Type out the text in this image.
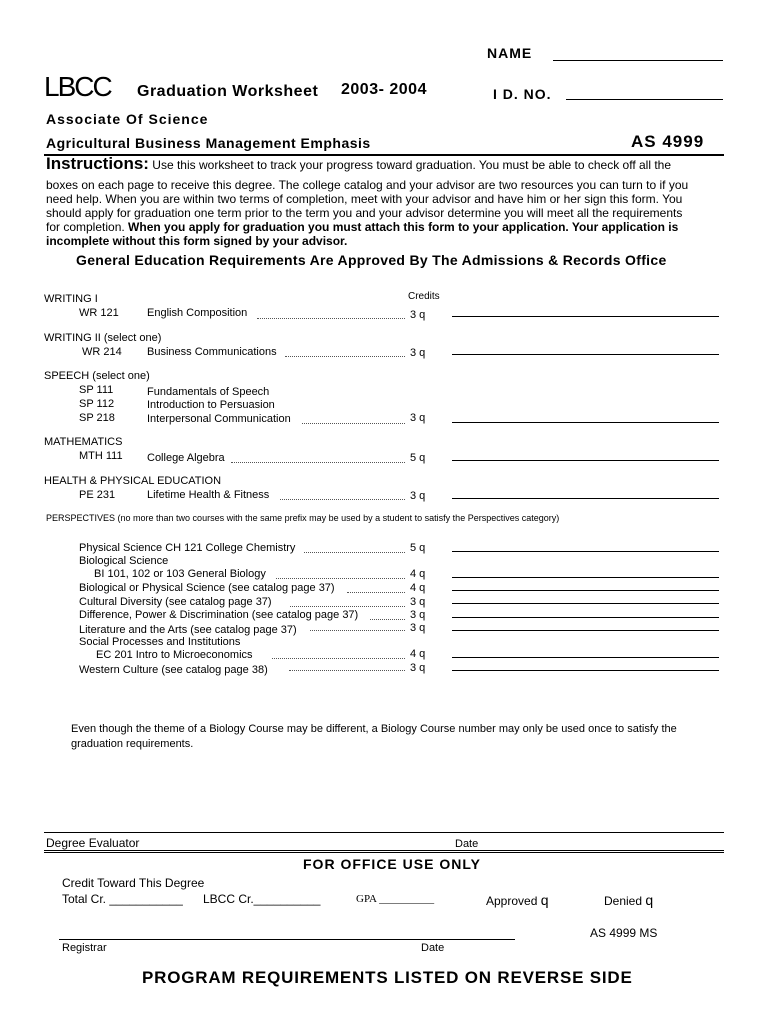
NAME
LBCC Graduation Worksheet 2003- 2004	I D. NO.
Associate Of Science
Agricultural Business Management Emphasis	AS 4999
Instructions: Use this worksheet to track your progress toward graduation. You must be able to check off all the
boxes on each page to receive this degree. The college catalog and your advisor are two resources you can turn to if you
need help. When you are within two terms of completion, meet with your advisor and have him or her sign this form. You
should apply for graduation one term prior to the term you and your advisor determine you will meet all the requirements
for completion. When you apply for graduation you must attach this form to your application. Your application is
incomplete without this form signed by your advisor.
General Education Requirements Are Approved By The Admissions & Records Office
Credits
WRITING I
WR 121	English Composition	3 q
WRITING II (select one)
WR 214 Business Communications	3 q
SPEECH (select one)
SP 111	Fundamentals of Speech
SP 112	Introduction to Persuasion
SP 218	Interpersonal Communication	3 q
MATHEMATICS
MTH 111 College Algebra	5 q
HEALTH & PHYSICAL EDUCATION
PE 231	Lifetime Health & Fitness	3 q
PERSPECTIVES (no more than two courses with the same prefix may be used by a student to satisfy the Perspectives category)
Physical Science CH 121 College Chemistry	5 q
Biological Science
BI 101, 102 or 103 General Biology	4 q
Biological or Physical Science (see catalog page 37)	4 q
Cultural Diversity (see catalog page 37)	3 q
Difference, Power & Discrimination (see catalog page 37)	3 q
Literature and the Arts (see catalog page 37)	3 q
Social Processes and Institutions
EC 201 Intro to Microeconomics	4 q
Western Culture (see catalog page 38)	3 q
Even though the theme of a Biology Course may be different, a Biology Course number may only be used once to satisfy the
graduation requirements.
Degree Evaluator	Date
FOR OFFICE USE ONLY
Credit Toward This Degree
Total Cr. ___________ LBCC Cr.__________	GPA __________	Approved q	Denied q
AS 4999 MS
Registrar	Date
PROGRAM REQUIREMENTS LISTED ON REVERSE SIDE
